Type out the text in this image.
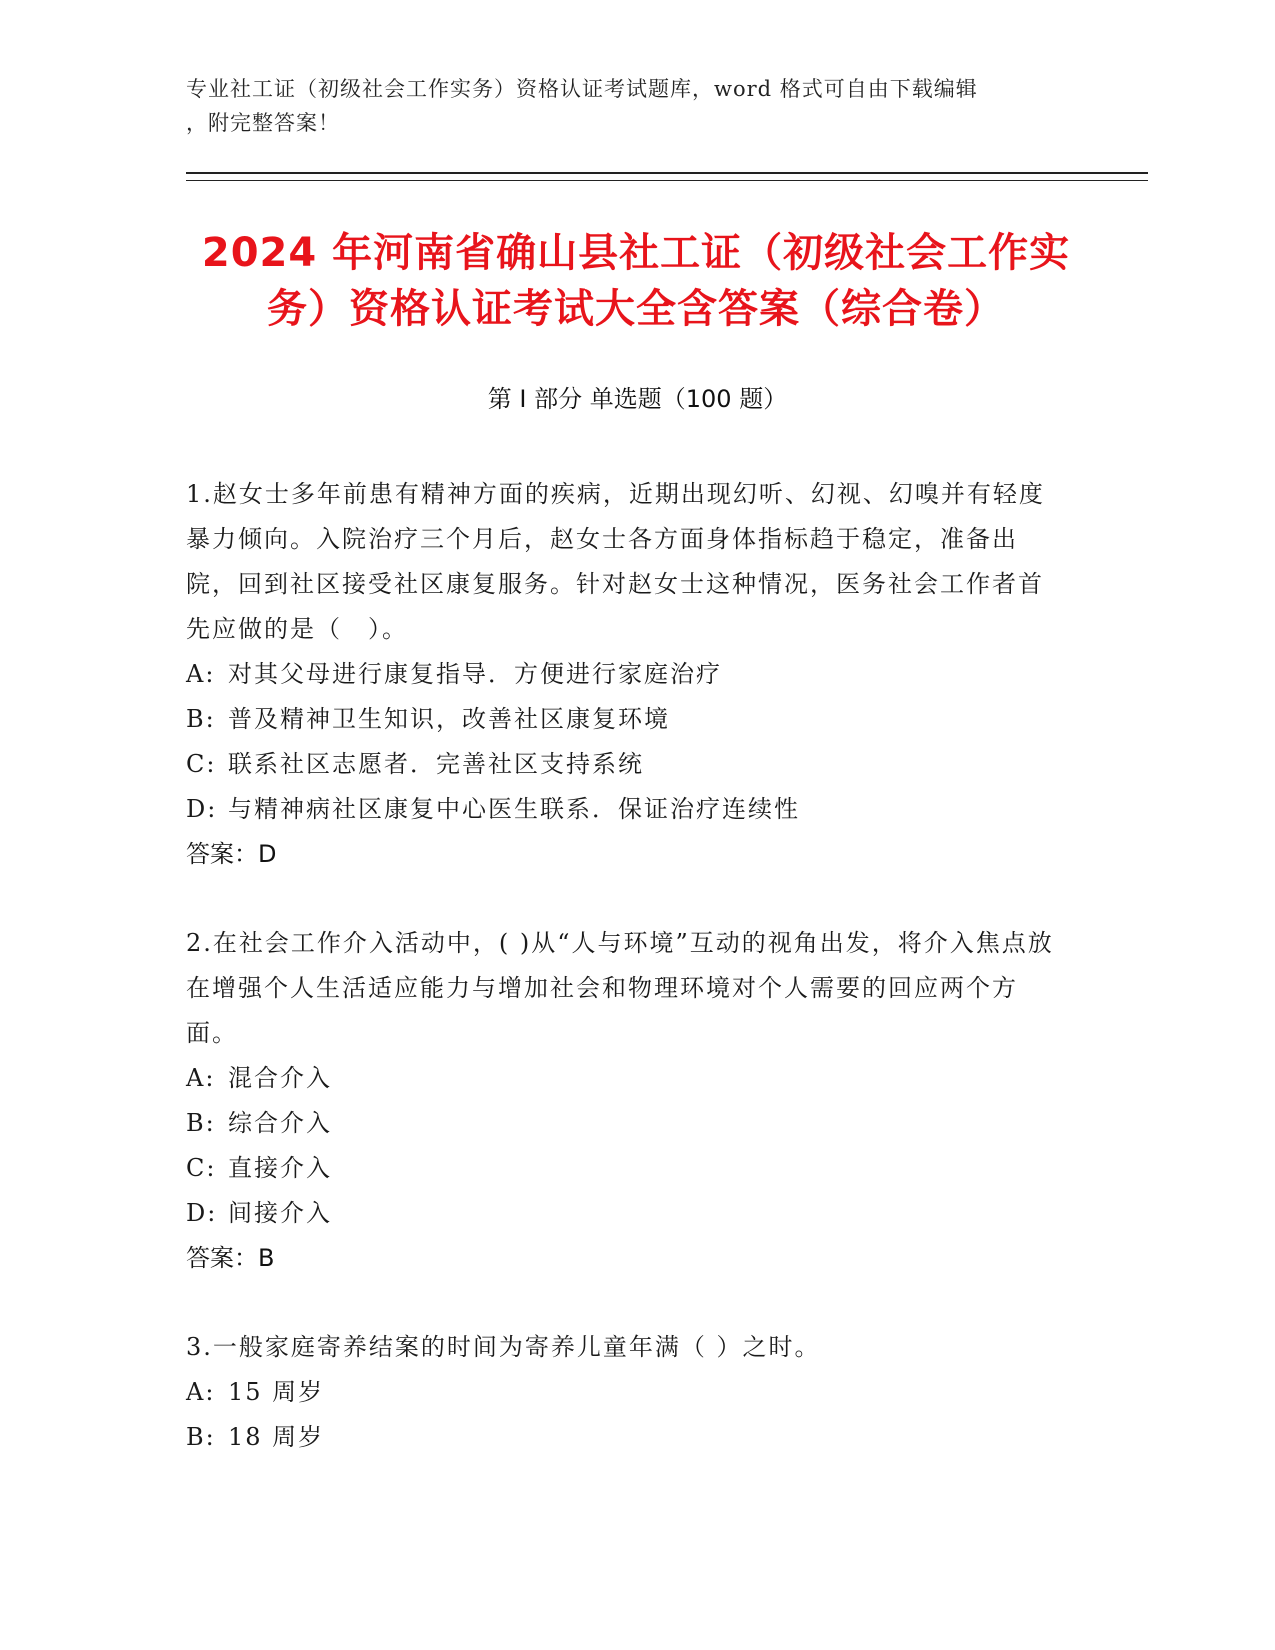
专业社工证（初级社会工作实务）资格认证考试题库，word 格式可自由下载编辑
，附完整答案！
2024 年河南省确山县社工证（初级社会工作实务）资格认证考试大全含答案（综合卷）
第 I 部分 单选题（100 题）
1.赵女士多年前患有精神方面的疾病，近期出现幻听、幻视、幻嗅并有轻度暴力倾向。入院治疗三个月后，赵女士各方面身体指标趋于稳定，准备出院，回到社区接受社区康复服务。针对赵女士这种情况，医务社会工作者首先应做的是（　）。
A: 对其父母进行康复指导．方便进行家庭治疗
B: 普及精神卫生知识，改善社区康复环境
C: 联系社区志愿者．完善社区支持系统
D: 与精神病社区康复中心医生联系．保证治疗连续性
答案：D
2.在社会工作介入活动中，( )从“人与环境”互动的视角出发，将介入焦点放在增强个人生活适应能力与增加社会和物理环境对个人需要的回应两个方面。
A: 混合介入
B: 综合介入
C: 直接介入
D: 间接介入
答案：B
3.一般家庭寄养结案的时间为寄养儿童年满（ ）之时。
A: 15 周岁
B: 18 周岁
